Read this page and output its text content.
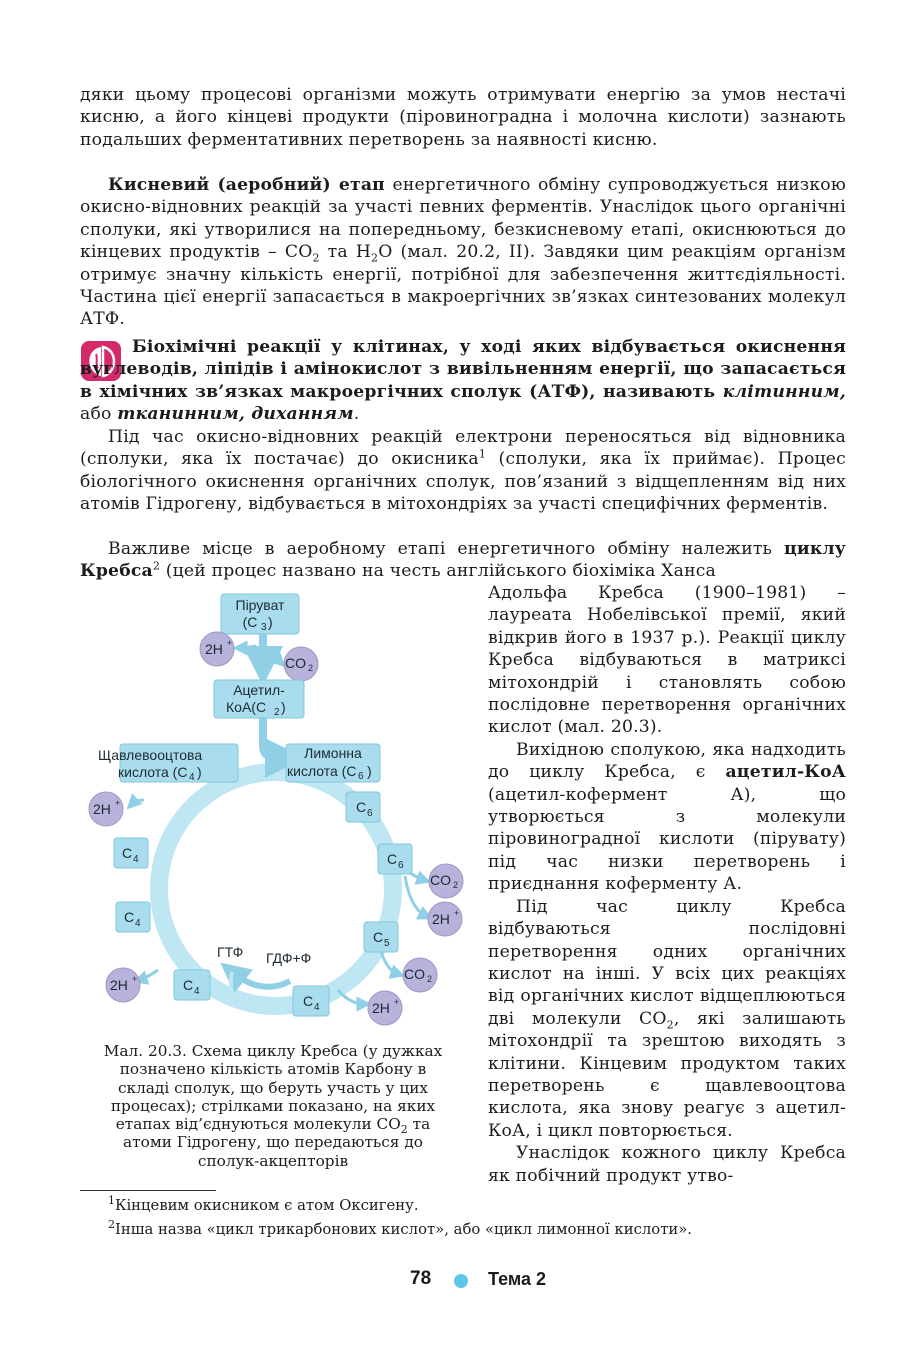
дяки цьому процесові організми можуть отримувати енергію за умов нестачі кисню, а його кінцеві продукти (піровиноградна і молочна кислоти) зазнають подальших ферментативних перетворень за наявності кисню.

Кисневий (аеробний) етап енергетичного обміну супроводжується низкою окисно-відновних реакцій за участі певних ферментів. Унаслідок цього органічні сполуки, які утворилися на попередньому, безкисневому етапі, окиснюються до кінцевих продуктів – $CO_2$ та $H_2O$ (мал. 20.2, II). Завдяки цим реакціям організм отримує значну кількість енергії, потрібної для забезпечення життєдіяльності. Частина цієї енергії запасається в макроергічних зв’язках синтезованих молекул АТФ.

Біохімічні реакції у клітинах, у ході яких відбувається окиснення вуглеводів, ліпідів і амінокислот з вивільненням енергії, що запасається в хімічних зв’язках макроергічних сполук (АТФ), називають клітинним, або тканинним, диханням.

Під час окисно-відновних реакцій електрони переносяться від відновника (сполуки, яка їх постачає) до окисника$^1$ (сполуки, яка їх приймає). Процес біологічного окиснення органічних сполук, пов’язаний з відщепленням від них атомів Гідрогену, відбувається в мітохондріях за участі специфічних ферментів.

Важливе місце в аеробному етапі енергетичного обміну належить циклу Кребса$^2$ (цей процес названо на честь англійського біохіміка Ханса

Адольфа Кребса (1900–1981) – лауреата Нобелівської премії, який відкрив його в 1937 р.). Реакції циклу Кребса відбуваються в матриксі мітохондрій і становлять собою послідовне перетворення органічних кислот (мал. 20.3).

Вихідною сполукою, яка надходить до циклу Кребса, є ацетил-КоА (ацетил-кофермент А), що утворюється з молекули піровиноградної кислоти (пірувату) під час низки перетворень і приєднання коферменту А.

Під час циклу Кребса відбуваються послідовні перетворення одних органічних кислот на інші. У всіх цих реакціях від органічних кислот відщеплюються дві молекули $CO_2$, які залишають мітохондрії та зрештою виходять з клітини. Кінцевим продуктом таких перетворень є щавлевооцтова кислота, яка знову реагує з ацетил-КоА, і цикл повторюється.

Унаслідок кожного циклу Кребса як побічний продукт утво-

Піруват
(C 3 )
2H +
CO 2
Ацетил-
КоА(C 2 )
Щавлевооцтова
кислота (C 4 )
Лимонна
кислота (C 6 )
2H +	C 6
C 6
C 5
C 4
C 4
C 4
C 4
CO 2
2H +
CO 2
2H +
2H +
ГТФ ГДФ+Ф

Мал. 20.3. Схема циклу Кребса (у дужках позначено кількість атомів Карбону в складі сполук, що беруть участь у цих процесах); стрілками показано, на яких етапах від’єднуються молекули $CO_2$ та атоми Гідрогену, що передаються до сполук-акцепторів

$^1$Кінцевим окисником є атом Оксигену.

$^2$Інша назва «цикл трикарбонових кислот», або «цикл лимонної кислоти».

78	Тема 2
